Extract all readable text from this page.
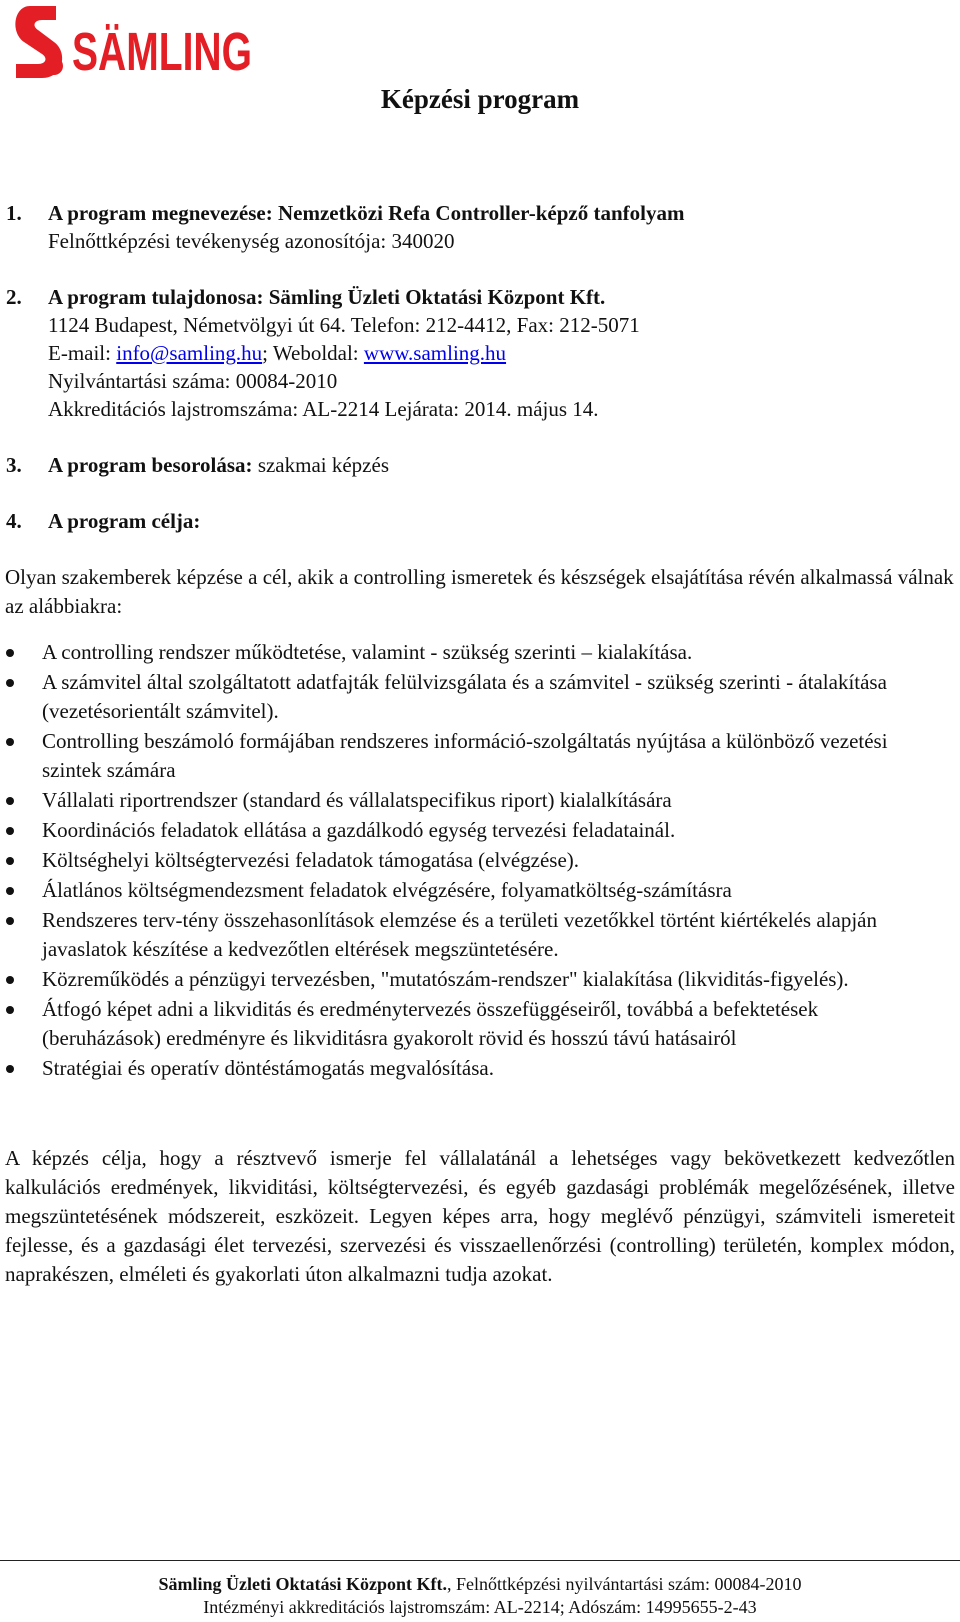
SÄMLING
Képzési program
1. A program megnevezése: Nemzetközi Refa Controller-képző tanfolyam
Felnőttképzési tevékenység azonosítója: 340020
2. A program tulajdonosa: Sämling Üzleti Oktatási Központ Kft.
1124 Budapest, Németvölgyi út 64. Telefon: 212-4412, Fax: 212-5071
E-mail: info@samling.hu; Weboldal: www.samling.hu
Nyilvántartási száma: 00084-2010
Akkreditációs lajstromszáma: AL-2214 Lejárata: 2014. május 14.
3. A program besorolása: szakmai képzés
4. A program célja:
Olyan szakemberek képzése a cél, akik a controlling ismeretek és készségek elsajátítása révén alkalmassá válnak az alábbiakra:
A controlling rendszer működtetése, valamint - szükség szerinti – kialakítása.
A számvitel által szolgáltatott adatfajták felülvizsgálata és a számvitel - szükség szerinti - átalakítása (vezetésorientált számvitel).
Controlling beszámoló formájában rendszeres információ-szolgáltatás nyújtása a különböző vezetési szintek számára
Vállalati riportrendszer (standard és vállalatspecifikus riport) kialalkítására
Koordinációs feladatok ellátása a gazdálkodó egység tervezési feladatainál.
Költséghelyi költségtervezési feladatok támogatása (elvégzése).
Álatlános költségmendezsment feladatok elvégzésére, folyamatköltség-számításra
Rendszeres terv-tény összehasonlítások elemzése és a területi vezetőkkel történt kiértékelés alapján javaslatok készítése a kedvezőtlen eltérések megszüntetésére.
Közreműködés a pénzügyi tervezésben, "mutatószám-rendszer" kialakítása (likviditás-figyelés).
Átfogó képet adni a likviditás és eredménytervezés összefüggéseiről, továbbá a befektetések (beruházások) eredményre és likviditásra gyakorolt rövid és hosszú távú hatásairól
Stratégiai és operatív döntéstámogatás megvalósítása.
A képzés célja, hogy a résztvevő ismerje fel vállalatánál a lehetséges vagy bekövetkezett kedvezőtlen kalkulációs eredmények, likviditási, költségtervezési, és egyéb gazdasági problémák megelőzésének, illetve megszüntetésének módszereit, eszközeit. Legyen képes arra, hogy meglévő pénzügyi, számviteli ismereteit fejlesse, és a gazdasági élet tervezési, szervezési és visszaellenőrzési (controlling) területén, komplex módon, naprakészen, elméleti és gyakorlati úton alkalmazni tudja azokat.
Sämling Üzleti Oktatási Központ Kft., Felnőttképzési nyilvántartási szám: 00084-2010
Intézményi akkreditációs lajstromszám: AL-2214; Adószám: 14995655-2-43
